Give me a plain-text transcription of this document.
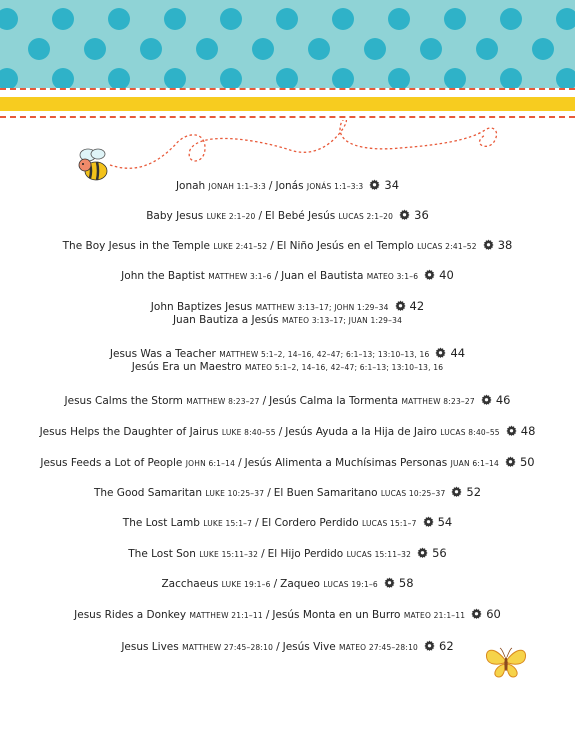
Jonah JONAH 1:1–3:3 / Jonás JONÁS 1:1–3:3 34
Baby Jesus LUKE 2:1–20 / El Bebé Jesús LUCAS 2:1–20 36
The Boy Jesus in the Temple LUKE 2:41–52 / El Niño Jesús en el Templo LUCAS 2:41–52 38
John the Baptist MATTHEW 3:1–6 / Juan el Bautista MATEO 3:1–6 40
John Baptizes Jesus MATTHEW 3:13–17; JOHN 1:29–34 42
Juan Bautiza a Jesús MATEO 3:13–17; JUAN 1:29–34
Jesus Was a Teacher MATTHEW 5:1–2, 14–16, 42–47; 6:1–13; 13:10–13, 16 44
Jesús Era un Maestro MATEO 5:1–2, 14–16, 42–47; 6:1–13; 13:10–13, 16
Jesus Calms the Storm MATTHEW 8:23–27 / Jesús Calma la Tormenta MATTHEW 8:23–27 46
Jesus Helps the Daughter of Jairus LUKE 8:40–55 / Jesús Ayuda a la Hija de Jairo LUCAS 8:40–55 48
Jesus Feeds a Lot of People JOHN 6:1–14 / Jesús Alimenta a Muchísimas Personas JUAN 6:1–14 50
The Good Samaritan LUKE 10:25–37 / El Buen Samaritano LUCAS 10:25–37 52
The Lost Lamb LUKE 15:1–7 / El Cordero Perdido LUCAS 15:1–7 54
The Lost Son LUKE 15:11–32 / El Hijo Perdido LUCAS 15:11–32 56
Zacchaeus LUKE 19:1–6 / Zaqueo LUCAS 19:1–6 58
Jesus Rides a Donkey MATTHEW 21:1–11 / Jesús Monta en un Burro MATEO 21:1–11 60
Jesus Lives MATTHEW 27:45–28:10 / Jesús Vive MATEO 27:45–28:10 62
